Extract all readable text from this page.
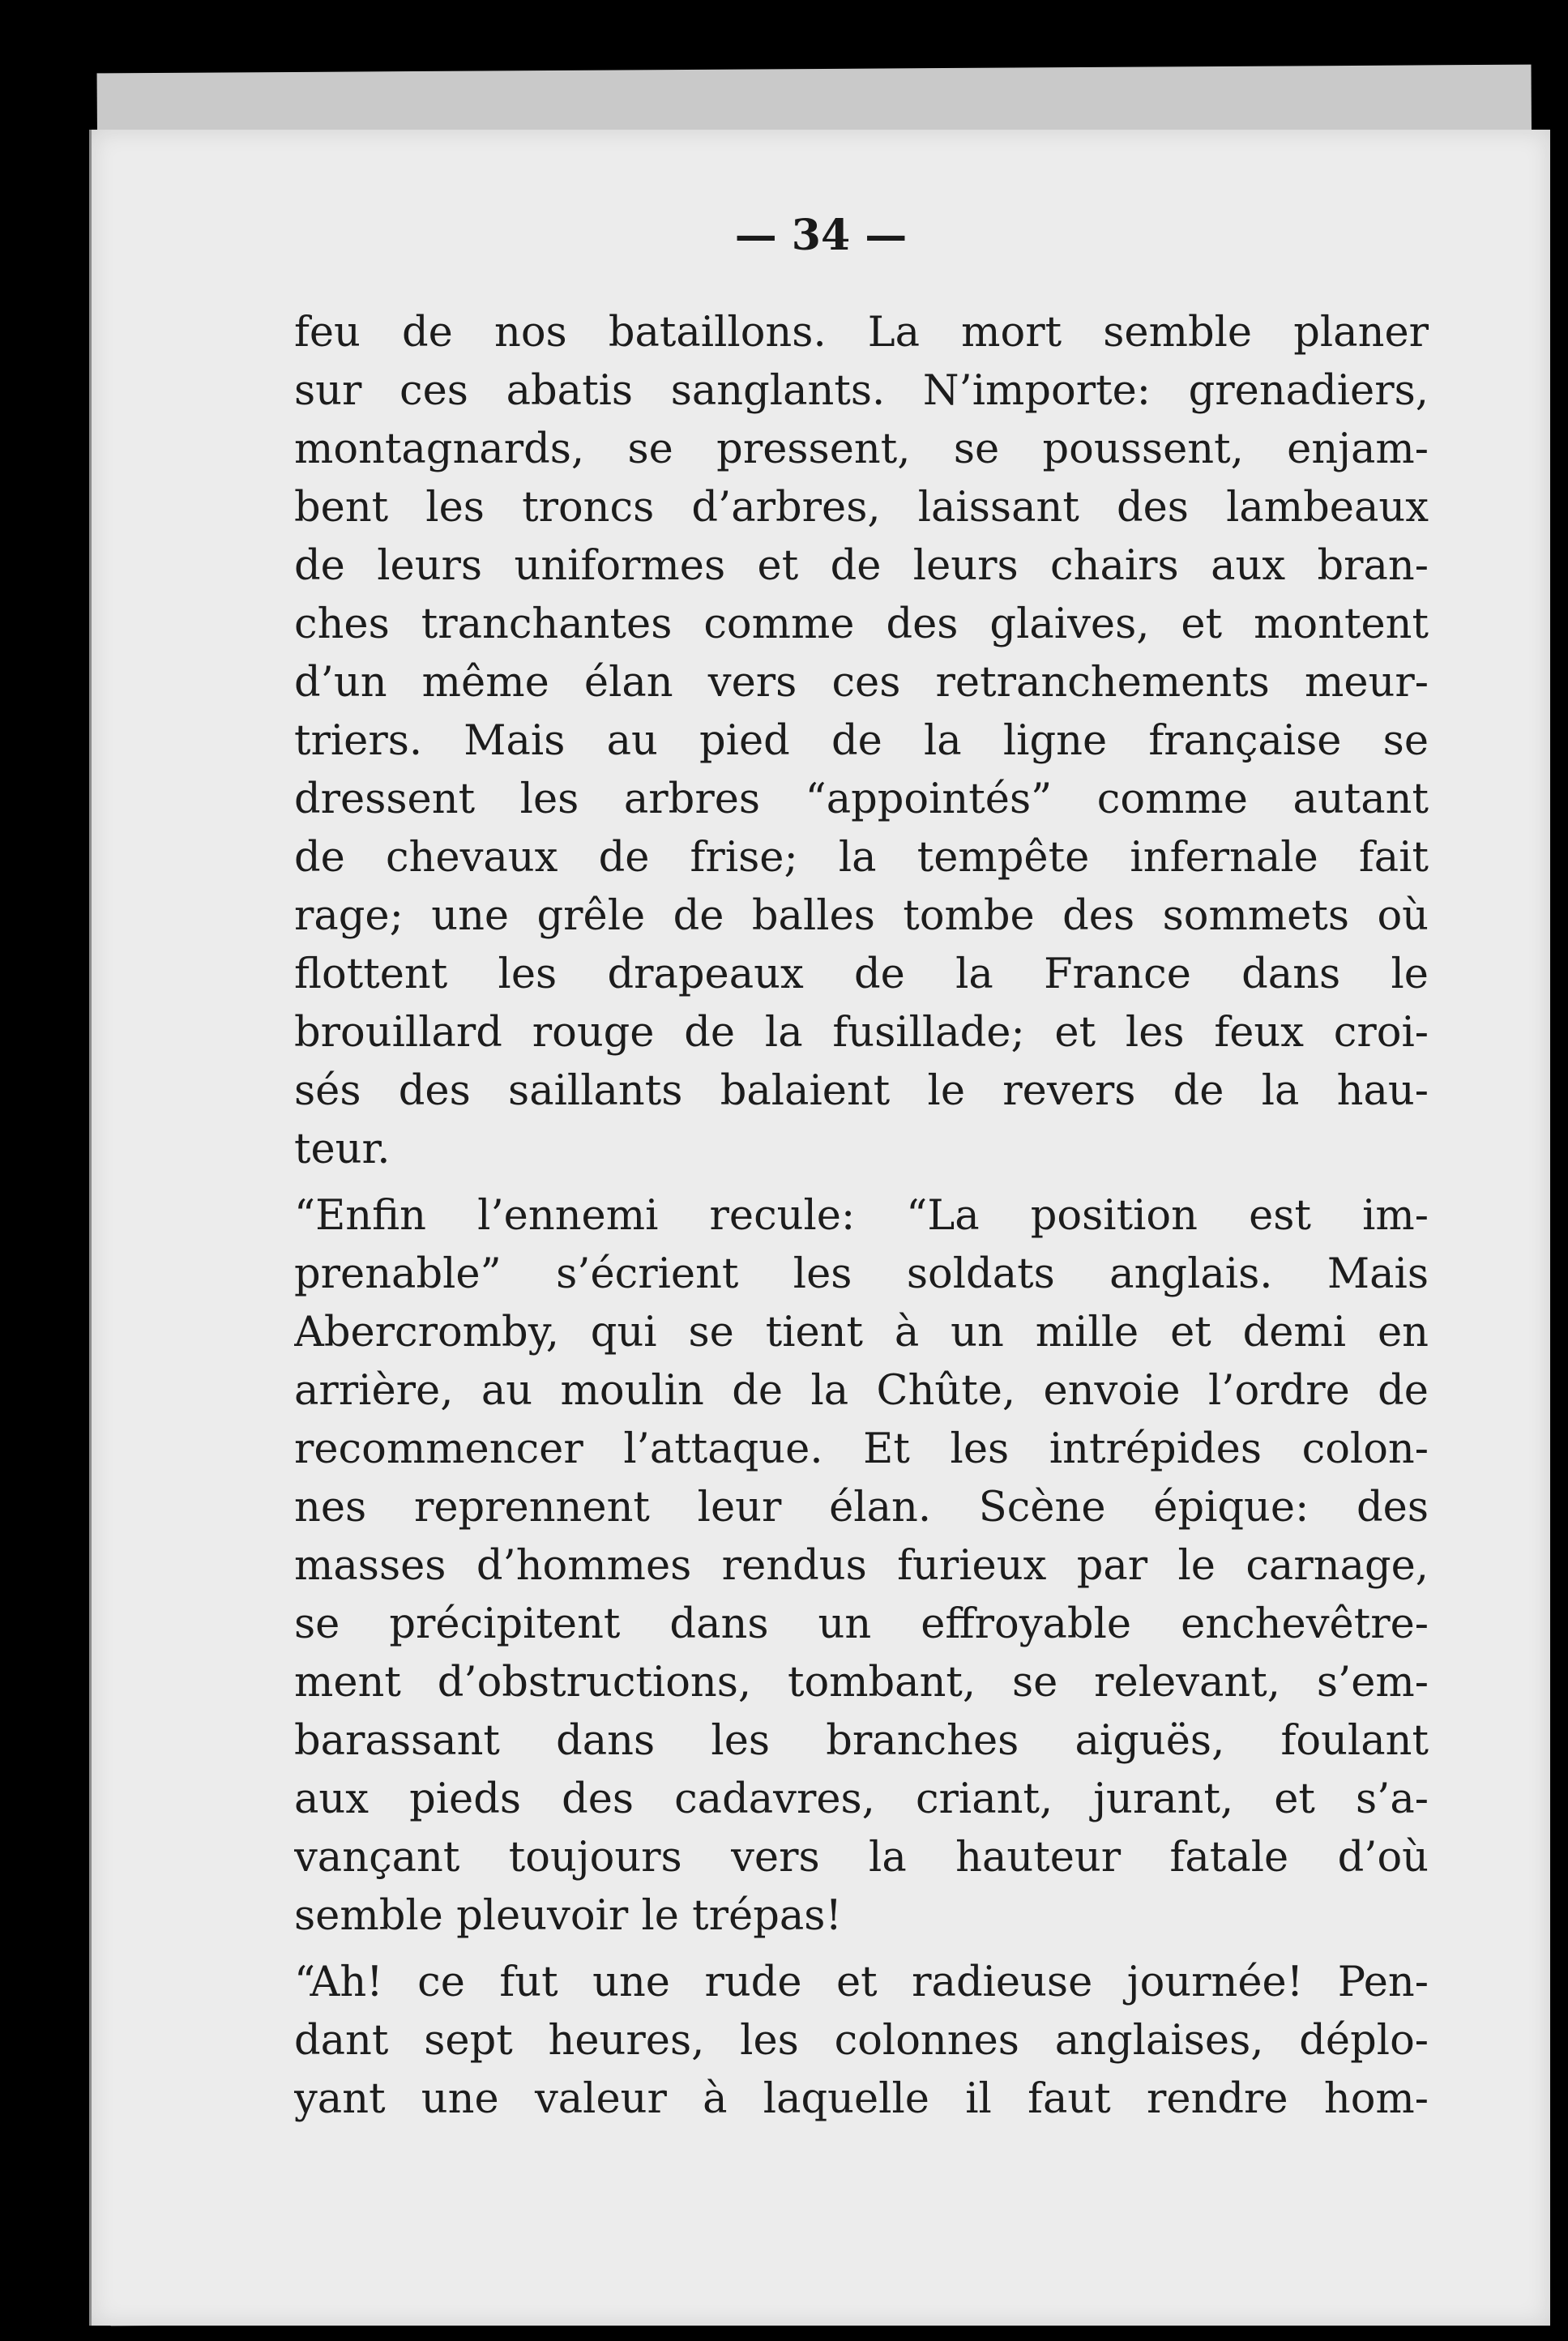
— 34 —
feu de nos bataillons. La mort semble planer
sur ces abatis sanglants. N’importe: grenadiers,
montagnards, se pressent, se poussent, enjam-
bent les troncs d’arbres, laissant des lambeaux
de leurs uniformes et de leurs chairs aux bran-
ches tranchantes comme des glaives, et montent
d’un même élan vers ces retranchements meur-
triers. Mais au pied de la ligne française se
dressent les arbres “appointés” comme autant
de chevaux de frise; la tempête infernale fait
rage; une grêle de balles tombe des sommets où
flottent les drapeaux de la France dans le
brouillard rouge de la fusillade; et les feux croi-
sés des saillants balaient le revers de la hau-
teur.
“Enfin l’ennemi recule: “La position est im-
prenable” s’écrient les soldats anglais. Mais
Abercromby, qui se tient à un mille et demi en
arrière, au moulin de la Chûte, envoie l’ordre de
recommencer l’attaque. Et les intrépides colon-
nes reprennent leur élan. Scène épique: des
masses d’hommes rendus furieux par le carnage,
se précipitent dans un effroyable enchevêtre-
ment d’obstructions, tombant, se relevant, s’em-
barassant dans les branches aiguës, foulant
aux pieds des cadavres, criant, jurant, et s’a-
vançant toujours vers la hauteur fatale d’où
semble pleuvoir le trépas!
“Ah! ce fut une rude et radieuse journée! Pen-
dant sept heures, les colonnes anglaises, déplo-
yant une valeur à laquelle il faut rendre hom-
